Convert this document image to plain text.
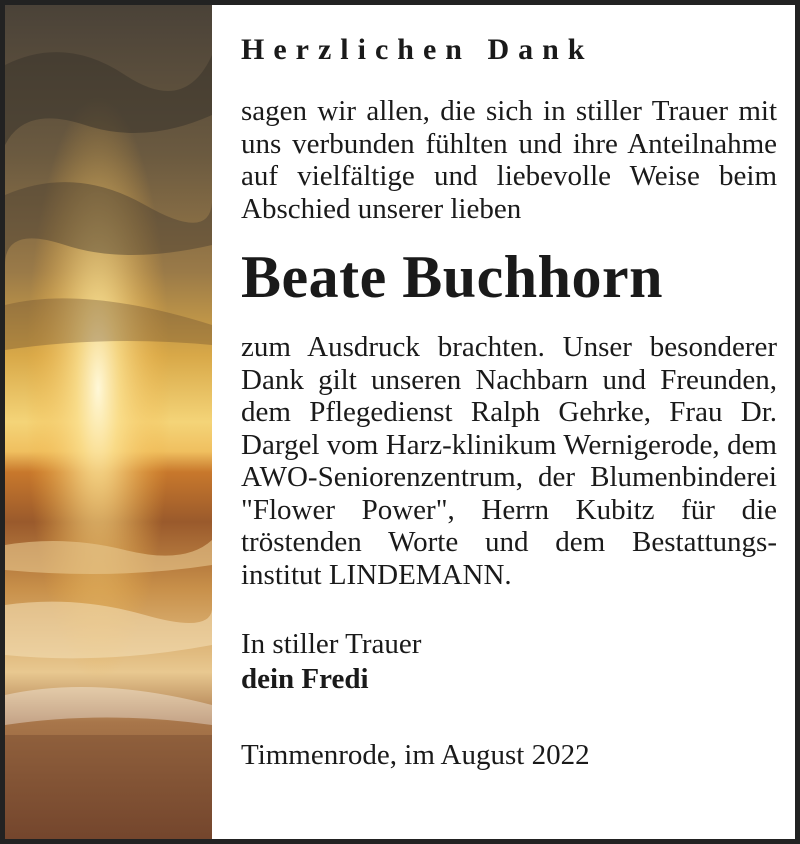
Herzlichen Dank

sagen wir allen, die sich in stiller Trauer mit uns verbunden fühlten und ihre Anteilnahme auf vielfältige und liebevolle Weise beim Abschied unserer lieben

Beate Buchhorn

zum Ausdruck brachten. Unser besonderer Dank gilt unseren Nachbarn und Freunden, dem Pflegedienst Ralph Gehrke, Frau Dr. Dargel vom Harz-klinikum Wernigerode, dem AWO-Seniorenzentrum, der Blumenbinderei "Flower Power", Herrn Kubitz für die tröstenden Worte und dem Bestattungs-institut LINDEMANN.

In stiller Trauer
dein Fredi
Timmenrode, im August 2022
